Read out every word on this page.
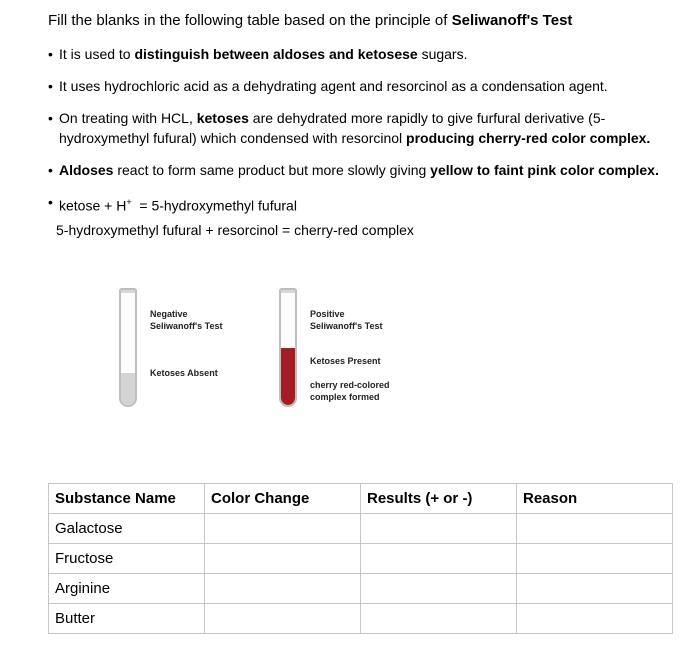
Fill the blanks in the following table based on the principle of Seliwanoff's Test
• It is used to distinguish between aldoses and ketosese sugars.
• It uses hydrochloric acid as a dehydrating agent and resorcinol as a condensation agent.
• On treating with HCL, ketoses are dehydrated more rapidly to give furfural derivative (5-hydroxymethyl fufural) which condensed with resorcinol producing cherry-red color complex.
• Aldoses react to form same product but more slowly giving yellow to faint pink color complex.
• ketose + H+  = 5-hydroxymethyl fufural
5-hydroxymethyl fufural + resorcinol = cherry-red complex
Negative
Seliwanoff's Test
Ketoses Absent
Positive
Seliwanoff's Test
Ketoses Present
cherry red-colored
complex formed
Substance Name	Color Change	Results (+ or -)	Reason
Galactose			
Fructose			
Arginine			
Butter			
